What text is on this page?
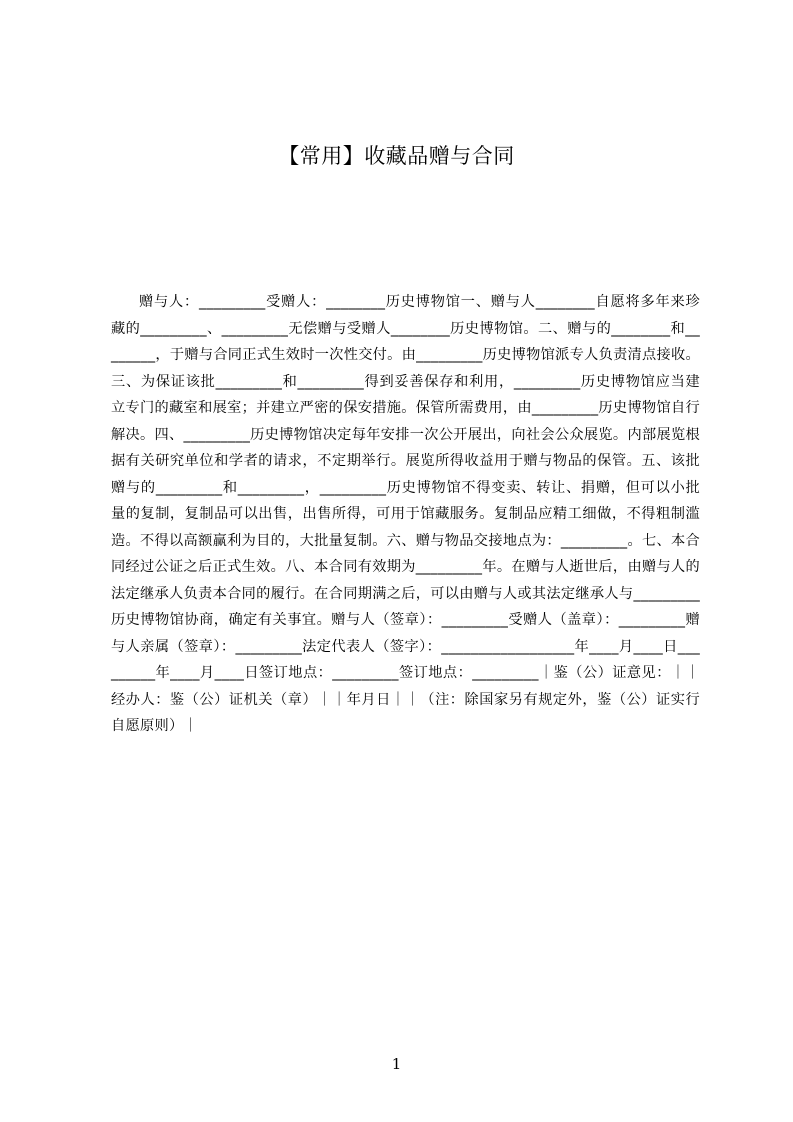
【常用】收藏品赠与合同

赠与人：_________受赠人：________历史博物馆一、赠与人________自愿将多年来珍藏的_________、_________无偿赠与受赠人________历史博物馆。二、赠与的________和________，于赠与合同正式生效时一次性交付。由_________历史博物馆派专人负责清点接收。三、为保证该批_________和_________得到妥善保存和利用，_________历史博物馆应当建立专门的藏室和展室；并建立严密的保安措施。保管所需费用，由_________历史博物馆自行解决。四、_________历史博物馆决定每年安排一次公开展出，向社会公众展览。内部展览根据有关研究单位和学者的请求，不定期举行。展览所得收益用于赠与物品的保管。五、该批赠与的_________和_________，_________历史博物馆不得变卖、转让、捐赠，但可以小批量的复制，复制品可以出售，出售所得，可用于馆藏服务。复制品应精工细做，不得粗制滥造。不得以高额赢利为目的，大批量复制。六、赠与物品交接地点为：_________。七、本合同经过公证之后正式生效。八、本合同有效期为_________年。在赠与人逝世后，由赠与人的法定继承人负责本合同的履行。在合同期满之后，可以由赠与人或其法定继承人与_________历史博物馆协商，确定有关事宜。赠与人（签章）：_________受赠人（盖章）：_________赠与人亲属（签章）：_________法定代表人（签字）：__________________年____月____日_________年____月____日签订地点：_________签订地点：_________｜鉴（公）证意见：｜｜经办人：鉴（公）证机关（章）｜｜年月日｜｜（注：除国家另有规定外，鉴（公）证实行自愿原则）｜

1
